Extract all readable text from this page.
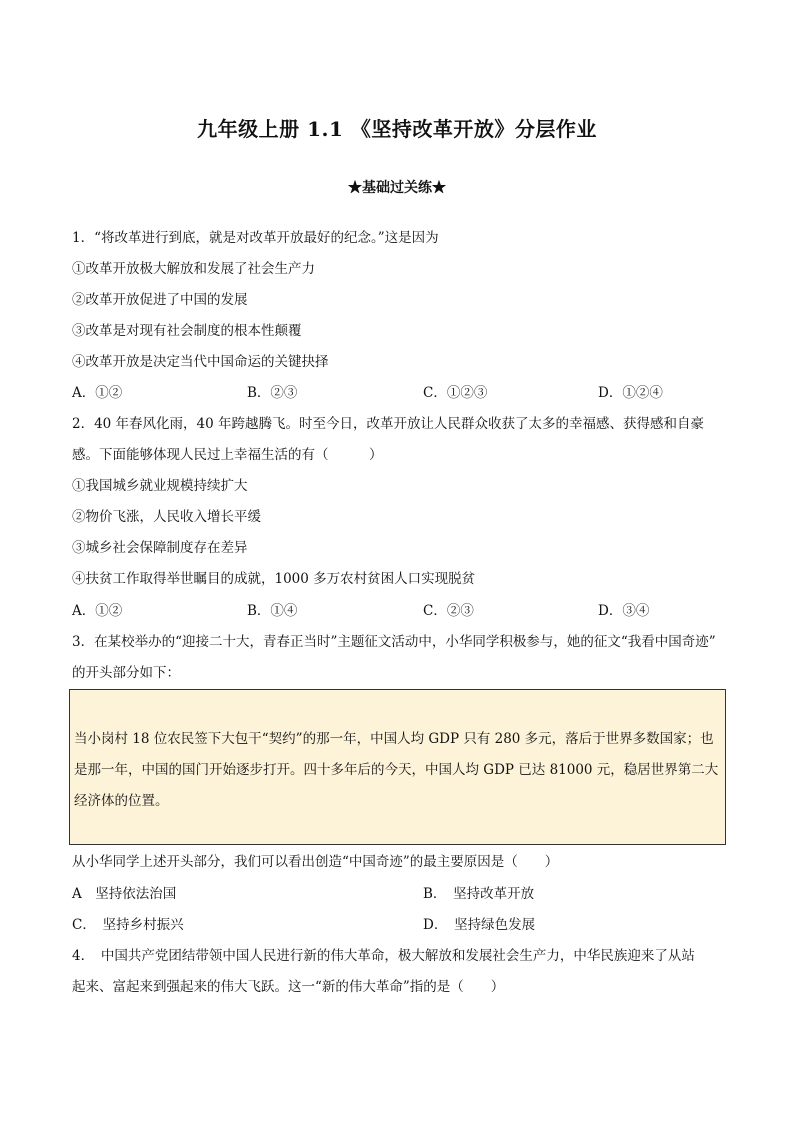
九年级上册 1.1 《坚持改革开放》分层作业
★基础过关练★
1．“将改革进行到底，就是对改革开放最好的纪念。”这是因为
①改革开放极大解放和发展了社会生产力
②改革开放促进了中国的发展
③改革是对现有社会制度的根本性颠覆
④改革开放是决定当代中国命运的关键抉择
A．①②	B．②③	C．①②③	D．①②④
2．40 年春风化雨，40 年跨越腾飞。时至今日，改革开放让人民群众收获了太多的幸福感、获得感和自豪
感。下面能够体现人民过上幸福生活的有（　　　）
①我国城乡就业规模持续扩大
②物价飞涨，人民收入增长平缓
③城乡社会保障制度存在差异
④扶贫工作取得举世瞩目的成就，1000 多万农村贫困人口实现脱贫
A．①②	B．①④	C．②③	D．③④
3．在某校举办的“迎接二十大，青春正当时”主题征文活动中，小华同学积极参与，她的征文“我看中国奇迹”
的开头部分如下：

当小岗村 18 位农民签下大包干“契约”的那一年，中国人均 GDP 只有 280 多元，落后于世界多数国家；也

是那一年，中国的国门开始逐步打开。四十多年后的今天，中国人均 GDP 已达 81000 元，稳居世界第二大

经济体的位置。

从小华同学上述开头部分，我们可以看出创造“中国奇迹”的最主要原因是（　　）
A　坚持依法治国	B．　坚持改革开放
C．　坚持乡村振兴	D．　坚持绿色发展
4．　中国共产党团结带领中国人民进行新的伟大革命，极大解放和发展社会生产力，中华民族迎来了从站
起来、富起来到强起来的伟大飞跃。这一“新的伟大革命”指的是（　　）
